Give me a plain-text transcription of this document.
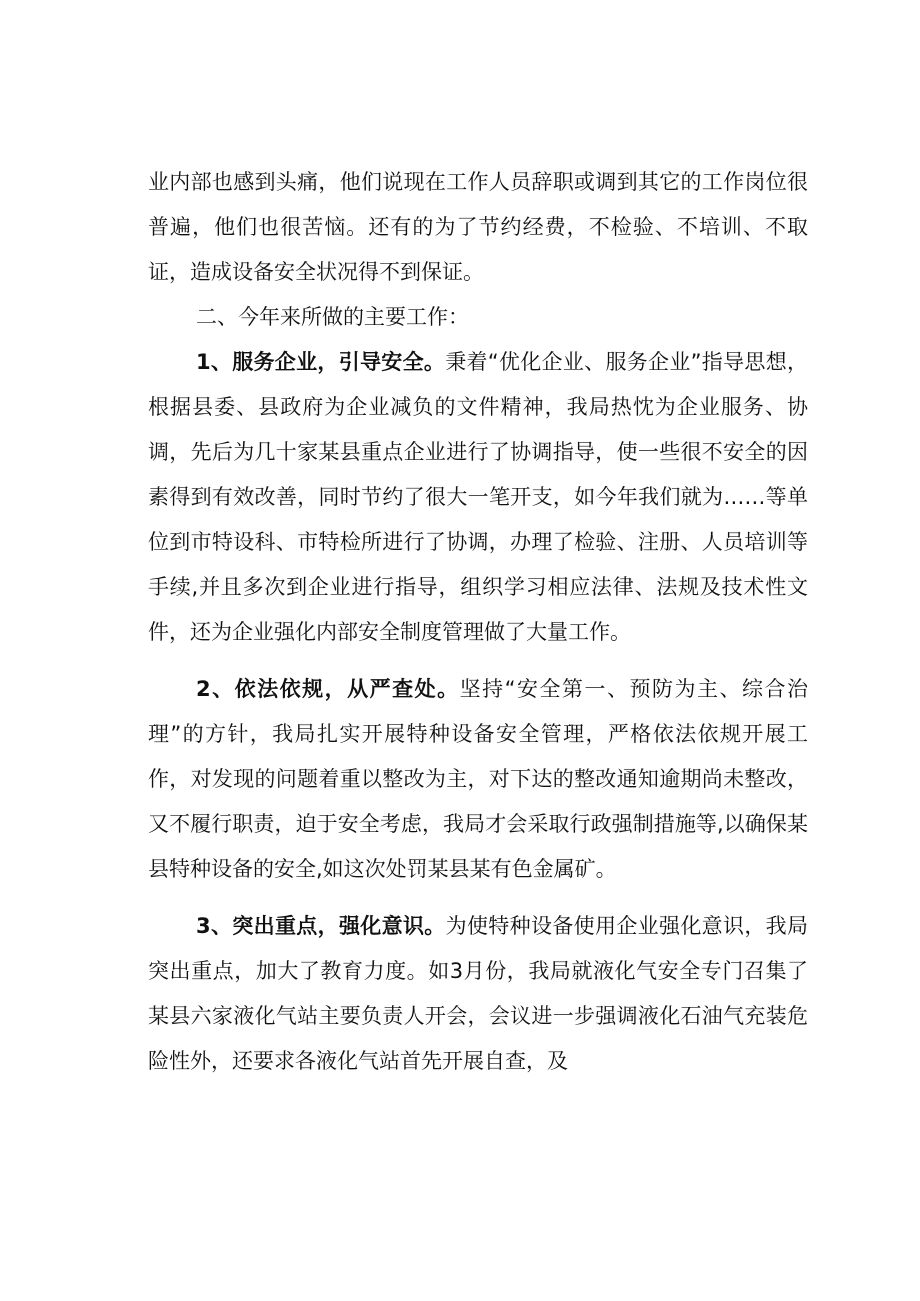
业内部也感到头痛，他们说现在工作人员辞职或调到其它的工作岗位很普遍，他们也很苦恼。还有的为了节约经费，不检验、不培训、不取证，造成设备安全状况得不到保证。

二、今年来所做的主要工作：

1、服务企业，引导安全。秉着“优化企业、服务企业”指导思想，根据县委、县政府为企业减负的文件精神，我局热忱为企业服务、协调，先后为几十家某县重点企业进行了协调指导，使一些很不安全的因素得到有效改善，同时节约了很大一笔开支，如今年我们就为……等单位到市特设科、市特检所进行了协调，办理了检验、注册、人员培训等手续,并且多次到企业进行指导，组织学习相应法律、法规及技术性文件，还为企业强化内部安全制度管理做了大量工作。

2、依法依规，从严查处。坚持“安全第一、预防为主、综合治理”的方针，我局扎实开展特种设备安全管理，严格依法依规开展工作，对发现的问题着重以整改为主，对下达的整改通知逾期尚未整改，又不履行职责，迫于安全考虑，我局才会采取行政强制措施等,以确保某县特种设备的安全,如这次处罚某县某有色金属矿。

3、突出重点，强化意识。为使特种设备使用企业强化意识，我局突出重点，加大了教育力度。如3月份，我局就液化气安全专门召集了某县六家液化气站主要负责人开会，会议进一步强调液化石油气充装危险性外，还要求各液化气站首先开展自查，及
